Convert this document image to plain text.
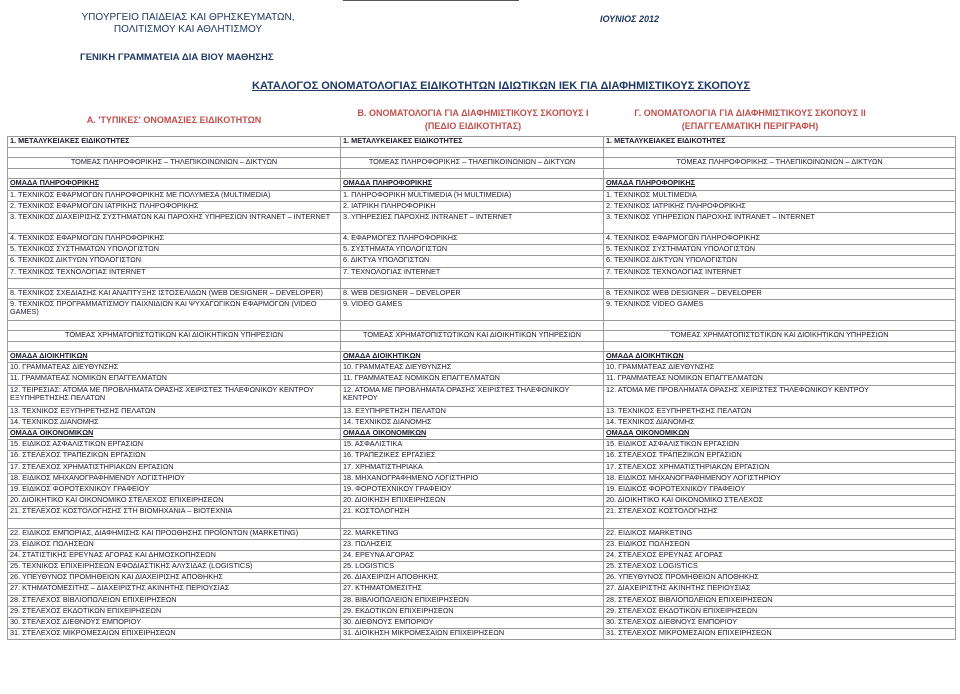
ΥΠΟΥΡΓΕΙΟ ΠΑΙΔΕΙΑΣ ΚΑΙ ΘΡΗΣΚΕΥΜΑΤΩΝ,
ΠΟΛΙΤΙΣΜΟΥ ΚΑΙ ΑΘΛΗΤΙΣΜΟΥ
ΙΟΥΝΙΟΣ 2012
ΓΕΝΙΚΗ ΓΡΑΜΜΑΤΕΙΑ ΔΙΑ ΒΙΟΥ ΜΑΘΗΣΗΣ
ΚΑΤΑΛΟΓΟΣ ΟΝΟΜΑΤΟΛΟΓΙΑΣ ΕΙΔΙΚΟΤΗΤΩΝ ΙΔΙΩΤΙΚΩΝ ΙΕΚ ΓΙΑ ΔΙΑΦΗΜΙΣΤΙΚΟΥΣ ΣΚΟΠΟΥΣ
Α. 'ΤΥΠΙΚΕΣ' ΟΝΟΜΑΣΙΕΣ ΕΙΔΙΚΟΤΗΤΩΝ
Β. ΟΝΟΜΑΤΟΛΟΓΙΑ ΓΙΑ ΔΙΑΦΗΜΙΣΤΙΚΟΥΣ ΣΚΟΠΟΥΣ Ι
(ΠΕΔΙΟ ΕΙΔΙΚΟΤΗΤΑΣ)
Γ. ΟΝΟΜΑΤΟΛΟΓΙΑ ΓΙΑ ΔΙΑΦΗΜΙΣΤΙΚΟΥΣ ΣΚΟΠΟΥΣ ΙΙ
(ΕΠΑΓΓΕΛΜΑΤΙΚΗ ΠΕΡΙΓΡΑΦΗ)
1. ΜΕΤΑΛΥΚΕΙΑΚΕΣ ΕΙΔΙΚΟΤΗΤΕΣ	1. ΜΕΤΑΛΥΚΕΙΑΚΕΣ ΕΙΔΙΚΟΤΗΤΕΣ	1. ΜΕΤΑΛΥΚΕΙΑΚΕΣ ΕΙΔΙΚΟΤΗΤΕΣ

ΤΟΜΕΑΣ ΠΛΗΡΟΦΟΡΙΚΗΣ – ΤΗΛΕΠΙΚΟΙΝΩΝΙΩΝ – ΔΙΚΤΥΩΝ	ΤΟΜΕΑΣ ΠΛΗΡΟΦΟΡΙΚΗΣ – ΤΗΛΕΠΙΚΟΙΝΩΝΙΩΝ – ΔΙΚΤΥΩΝ	ΤΟΜΕΑΣ ΠΛΗΡΟΦΟΡΙΚΗΣ – ΤΗΛΕΠΙΚΟΙΝΩΝΙΩΝ – ΔΙΚΤΥΩΝ

ΟΜΑΔΑ ΠΛΗΡΟΦΟΡΙΚΗΣ	ΟΜΑΔΑ ΠΛΗΡΟΦΟΡΙΚΗΣ	ΟΜΑΔΑ ΠΛΗΡΟΦΟΡΙΚΗΣ
1. ΤΕΧΝΙΚΟΣ ΕΦΑΡΜΟΓΩΝ ΠΛΗΡΟΦΟΡΙΚΗΣ ΜΕ ΠΟΛΥΜΕΣΑ (MULTIMEDIA)	1. ΠΛΗΡΟΦΟΡΙΚΗ MULTIMEDIA (Ή MULTIMEDIA)	1. ΤΕΧΝΙΚΟΣ MULTIMEDIA
2. ΤΕΧΝΙΚΟΣ ΕΦΑΡΜΟΓΩΝ ΙΑΤΡΙΚΗΣ ΠΛΗΡΟΦΟΡΙΚΗΣ	2. ΙΑΤΡΙΚΗ ΠΛΗΡΟΦΟΡΙΚΗ	2. ΤΕΧΝΙΚΟΣ ΙΑΤΡΙΚΗΣ ΠΛΗΡΟΦΟΡΙΚΗΣ
3. ΤΕΧΝΙΚΟΣ ΔΙΑΧΕΙΡΙΣΗΣ ΣΥΣΤΗΜΑΤΩΝ ΚΑΙ ΠΑΡΟΧΗΣ ΥΠΗΡΕΣΙΩΝ INTRANET – INTERNET	3. ΥΠΗΡΕΣΙΕΣ ΠΑΡΟΧΗΣ INTRANET – INTERNET	3. ΤΕΧΝΙΚΟΣ ΥΠΗΡΕΣΙΩΝ ΠΑΡΟΧΗΣ INTRANET – INTERNET
4. ΤΕΧΝΙΚΟΣ ΕΦΑΡΜΟΓΩΝ ΠΛΗΡΟΦΟΡΙΚΗΣ	4. ΕΦΑΡΜΟΓΕΣ ΠΛΗΡΟΦΟΡΙΚΗΣ	4. ΤΕΧΝΙΚΟΣ ΕΦΑΡΜΟΓΩΝ ΠΛΗΡΟΦΟΡΙΚΗΣ
5. ΤΕΧΝΙΚΟΣ ΣΥΣΤΗΜΑΤΩΝ ΥΠΟΛΟΓΙΣΤΩΝ	5. ΣΥΣΤΗΜΑΤΑ ΥΠΟΛΟΓΙΣΤΩΝ	5. ΤΕΧΝΙΚΟΣ ΣΥΣΤΗΜΑΤΩΝ ΥΠΟΛΟΓΙΣΤΩΝ
6. ΤΕΧΝΙΚΟΣ ΔΙΚΤΥΩΝ ΥΠΟΛΟΓΙΣΤΩΝ	6. ΔΙΚΤΥΑ ΥΠΟΛΟΓΙΣΤΩΝ	6. ΤΕΧΝΙΚΟΣ ΔΙΚΤΥΩΝ ΥΠΟΛΟΓΙΣΤΩΝ
7. ΤΕΧΝΙΚΟΣ ΤΕΧΝΟΛΟΓΙΑΣ INTERNET	7. ΤΕΧΝΟΛΟΓΙΑΣ INTERNET	7. ΤΕΧΝΙΚΟΣ ΤΕΧΝΟΛΟΓΙΑΣ INTERNET

8. ΤΕΧΝΙΚΟΣ ΣΧΕΔΙΑΣΗΣ ΚΑΙ ΑΝΑΠΤΥΞΗΣ ΙΣΤΟΣΕΛΙΔΩΝ (WEB DESIGNER – DEVELOPER)	8. WEB DESIGNER – DEVELOPER	8. ΤΕΧΝΙΚΟΣ WEB DESIGNER – DEVELOPER
9. ΤΕΧΝΙΚΟΣ ΠΡΟΓΡΑΜΜΑΤΙΣΜΟΥ ΠΑΙΧΝΙΔΙΩΝ ΚΑΙ ΨΥΧΑΓΩΓΙΚΩΝ ΕΦΑΡΜΟΓΩΝ (VIDEO GAMES)	9. VIDEO GAMES	9. ΤΕΧΝΙΚΟΣ VIDEO GAMES

ΤΟΜΕΑΣ ΧΡΗΜΑΤΟΠΙΣΤΩΤΙΚΩΝ ΚΑΙ ΔΙΟΙΚΗΤΙΚΩΝ ΥΠΗΡΕΣΙΩΝ	ΤΟΜΕΑΣ ΧΡΗΜΑΤΟΠΙΣΤΩΤΙΚΩΝ ΚΑΙ ΔΙΟΙΚΗΤΙΚΩΝ ΥΠΗΡΕΣΙΩΝ	ΤΟΜΕΑΣ ΧΡΗΜΑΤΟΠΙΣΤΩΤΙΚΩΝ ΚΑΙ ΔΙΟΙΚΗΤΙΚΩΝ ΥΠΗΡΕΣΙΩΝ

ΟΜΑΔΑ ΔΙΟΙΚΗΤΙΚΩΝ	ΟΜΑΔΑ ΔΙΟΙΚΗΤΙΚΩΝ	ΟΜΑΔΑ ΔΙΟΙΚΗΤΙΚΩΝ
10. ΓΡΑΜΜΑΤΕΑΣ ΔΙΕΥΘΥΝΣΗΣ	10. ΓΡΑΜΜΑΤΕΑΣ ΔΙΕΥΘΥΝΣΗΣ	10. ΓΡΑΜΜΑΤΕΑΣ ΔΙΕΥΘΥΝΣΗΣ
11. ΓΡΑΜΜΑΤΕΑΣ ΝΟΜΙΚΩΝ ΕΠΑΓΓΕΛΜΑΤΩΝ	11. ΓΡΑΜΜΑΤΕΑΣ ΝΟΜΙΚΩΝ ΕΠΑΓΓΕΛΜΑΤΩΝ	11. ΓΡΑΜΜΑΤΕΑΣ ΝΟΜΙΚΩΝ ΕΠΑΓΓΕΛΜΑΤΩΝ
12. ΤΕΙΡΕΣΙΑΣ: ΑΤΟΜΑ ΜΕ ΠΡΟΒΛΗΜΑΤΑ ΟΡΑΣΗΣ ΧΕΙΡΙΣΤΕΣ ΤΗΛΕΦΩΝΙΚΟΥ ΚΕΝΤΡΟΥ ΕΞΥΠΗΡΕΤΗΣΗΣ ΠΕΛΑΤΩΝ	12. ΑΤΟΜΑ ΜΕ ΠΡΟΒΛΗΜΑΤΑ ΟΡΑΣΗΣ ΧΕΙΡΙΣΤΕΣ ΤΗΛΕΦΩΝΙΚΟΥ ΚΕΝΤΡΟΥ	12. ΑΤΟΜΑ ΜΕ ΠΡΟΒΛΗΜΑΤΑ ΟΡΑΣΗΣ ΧΕΙΡΙΣΤΕΣ ΤΗΛΕΦΩΝΙΚΟΥ ΚΕΝΤΡΟΥ
13. ΤΕΧΝΙΚΟΣ ΕΞΥΠΗΡΕΤΗΣΗΣ ΠΕΛΑΤΩΝ	13. ΕΞΥΠΗΡΕΤΗΣΗ ΠΕΛΑΤΩΝ	13. ΤΕΧΝΙΚΟΣ ΕΞΥΠΗΡΕΤΗΣΗΣ ΠΕΛΑΤΩΝ
14. ΤΕΧΝΙΚΟΣ ΔΙΑΝΟΜΗΣ	14. ΤΕΧΝΙΚΟΣ ΔΙΑΝΟΜΗΣ	14. ΤΕΧΝΙΚΟΣ ΔΙΑΝΟΜΗΣ
ΟΜΑΔΑ ΟΙΚΟΝΟΜΙΚΩΝ	ΟΜΑΔΑ ΟΙΚΟΝΟΜΙΚΩΝ	ΟΜΑΔΑ ΟΙΚΟΝΟΜΙΚΩΝ
15. ΕΙΔΙΚΟΣ ΑΣΦΑΛΙΣΤΙΚΩΝ ΕΡΓΑΣΙΩΝ	15. ΑΣΦΑΛΙΣΤΙΚΑ	15. ΕΙΔΙΚΟΣ ΑΣΦΑΛΙΣΤΙΚΩΝ ΕΡΓΑΣΙΩΝ
16. ΣΤΕΛΕΧΟΣ ΤΡΑΠΕΖΙΚΩΝ ΕΡΓΑΣΙΩΝ	16. ΤΡΑΠΕΖΙΚΕΣ ΕΡΓΑΣΙΕΣ	16. ΣΤΕΛΕΧΟΣ ΤΡΑΠΕΖΙΚΩΝ ΕΡΓΑΣΙΩΝ
17. ΣΤΕΛΕΧΟΣ ΧΡΗΜΑΤΙΣΤΗΡΙΑΚΩΝ ΕΡΓΑΣΙΩΝ	17. ΧΡΗΜΑΤΙΣΤΗΡΙΑΚΑ	17. ΣΤΕΛΕΧΟΣ ΧΡΗΜΑΤΙΣΤΗΡΙΑΚΩΝ ΕΡΓΑΣΙΩΝ
18. ΕΙΔΙΚΟΣ ΜΗΧΑΝΟΓΡΑΦΗΜΕΝΟΥ ΛΟΓΙΣΤΗΡΙΟΥ	18. ΜΗΧΑΝΟΓΡΑΦΗΜΕΝΟ ΛΟΓΙΣΤΗΡΙΟ	18. ΕΙΔΙΚΟΣ ΜΗΧΑΝΟΓΡΑΦΗΜΕΝΟΥ ΛΟΓΙΣΤΗΡΙΟΥ
19. ΕΙΔΙΚΟΣ ΦΟΡΟΤΕΧΝΙΚΟΥ ΓΡΑΦΕΙΟΥ	19. ΦΟΡΟΤΕΧΝΙΚΟΥ ΓΡΑΦΕΙΟΥ	19. ΕΙΔΙΚΟΣ ΦΟΡΟΤΕΧΝΙΚΟΥ ΓΡΑΦΕΙΟΥ
20. ΔΙΟΙΚΗΤΙΚΟ ΚΑΙ ΟΙΚΟΝΟΜΙΚΟ ΣΤΕΛΕΧΟΣ ΕΠΙΧΕΙΡΗΣΕΩΝ	20. ΔΙΟΙΚΗΣΗ ΕΠΙΧΕΙΡΗΣΕΩΝ	20. ΔΙΟΙΚΗΤΙΚΟ ΚΑΙ ΟΙΚΟΝΟΜΙΚΟ ΣΤΕΛΕΧΟΣ
21. ΣΤΕΛΕΧΟΣ ΚΟΣΤΟΛΟΓΗΣΗΣ ΣΤΗ ΒΙΟΜΗΧΑΝΙΑ – ΒΙΟΤΕΧΝΙΑ	21. ΚΟΣΤΟΛΟΓΗΣΗ	21. ΣΤΕΛΕΧΟΣ ΚΟΣΤΟΛΟΓΗΣΗΣ

22. ΕΙΔΙΚΟΣ ΕΜΠΟΡΙΑΣ, ΔΙΑΦΗΜΙΣΗΣ ΚΑΙ ΠΡΟΩΘΗΣΗΣ ΠΡΟΪΟΝΤΩΝ (MARKETING)	22. MARKETING	22. ΕΙΔΙΚΟΣ MARKETING
23. ΕΙΔΙΚΟΣ ΠΩΛΗΣΕΩΝ	23. ΠΩΛΗΣΕΙΣ	23. ΕΙΔΙΚΟΣ ΠΩΛΗΣΕΩΝ
24. ΣΤΑΤΙΣΤΙΚΗΣ ΕΡΕΥΝΑΣ ΑΓΟΡΑΣ ΚΑΙ ΔΗΜΟΣΚΟΠΗΣΕΩΝ	24. ΕΡΕΥΝΑ ΑΓΟΡΑΣ	24. ΣΤΕΛΕΧΟΣ ΕΡΕΥΝΑΣ ΑΓΟΡΑΣ
25. ΤΕΧΝΙΚΟΣ ΕΠΙΧΕΙΡΗΣΕΩΝ ΕΦΟΔΙΑΣΤΙΚΗΣ ΑΛΥΣΙΔΑΣ (LOGISTICS)	25. LOGISTICS	25. ΣΤΕΛΕΧΟΣ LOGISTICS
26. ΥΠΕΥΘΥΝΟΣ ΠΡΟΜΗΘΕΙΩΝ ΚΑΙ ΔΙΑΧΕΙΡΙΣΗΣ ΑΠΟΘΗΚΗΣ	26. ΔΙΑΧΕΙΡΙΣΗ ΑΠΟΘΗΚΗΣ	26. ΥΠΕΥΘΥΝΟΣ ΠΡΟΜΗΘΕΙΩΝ ΑΠΟΘΗΚΗΣ
27. ΚΤΗΜΑΤΟΜΕΣΙΤΗΣ – ΔΙΑΧΕΙΡΙΣΤΗΣ ΑΚΙΝΗΤΗΣ ΠΕΡΙΟΥΣΙΑΣ	27. ΚΤΗΜΑΤΟΜΕΣΙΤΗΣ	27. ΔΙΑΧΕΙΡΙΣΤΗΣ ΑΚΙΝΗΤΗΣ ΠΕΡΙΟΥΣΙΑΣ
28. ΣΤΕΛΕΧΟΣ ΒΙΒΛΙΟΠΩΛΕΙΩΝ ΕΠΙΧΕΙΡΗΣΕΩΝ	28. ΒΙΒΛΙΟΠΩΛΕΙΩΝ ΕΠΙΧΕΙΡΗΣΕΩΝ	28. ΣΤΕΛΕΧΟΣ ΒΙΒΛΙΟΠΩΛΕΙΩΝ ΕΠΙΧΕΙΡΗΣΕΩΝ
29. ΣΤΕΛΕΧΟΣ ΕΚΔΟΤΙΚΩΝ ΕΠΙΧΕΙΡΗΣΕΩΝ	29. ΕΚΔΟΤΙΚΩΝ ΕΠΙΧΕΙΡΗΣΕΩΝ	29. ΣΤΕΛΕΧΟΣ ΕΚΔΟΤΙΚΩΝ ΕΠΙΧΕΙΡΗΣΕΩΝ
30. ΣΤΕΛΕΧΟΣ ΔΙΕΘΝΟΥΣ ΕΜΠΟΡΙΟΥ	30. ΔΙΕΘΝΟΥΣ ΕΜΠΟΡΙΟΥ	30. ΣΤΕΛΕΧΟΣ ΔΙΕΘΝΟΥΣ ΕΜΠΟΡΙΟΥ
31. ΣΤΕΛΕΧΟΣ ΜΙΚΡΟΜΕΣΑΙΩΝ ΕΠΙΧΕΙΡΗΣΕΩΝ	31. ΔΙΟΙΚΗΣΗ ΜΙΚΡΟΜΕΣΑΙΩΝ ΕΠΙΧΕΙΡΗΣΕΩΝ	31. ΣΤΕΛΕΧΟΣ ΜΙΚΡΟΜΕΣΑΙΩΝ ΕΠΙΧΕΙΡΗΣΕΩΝ
